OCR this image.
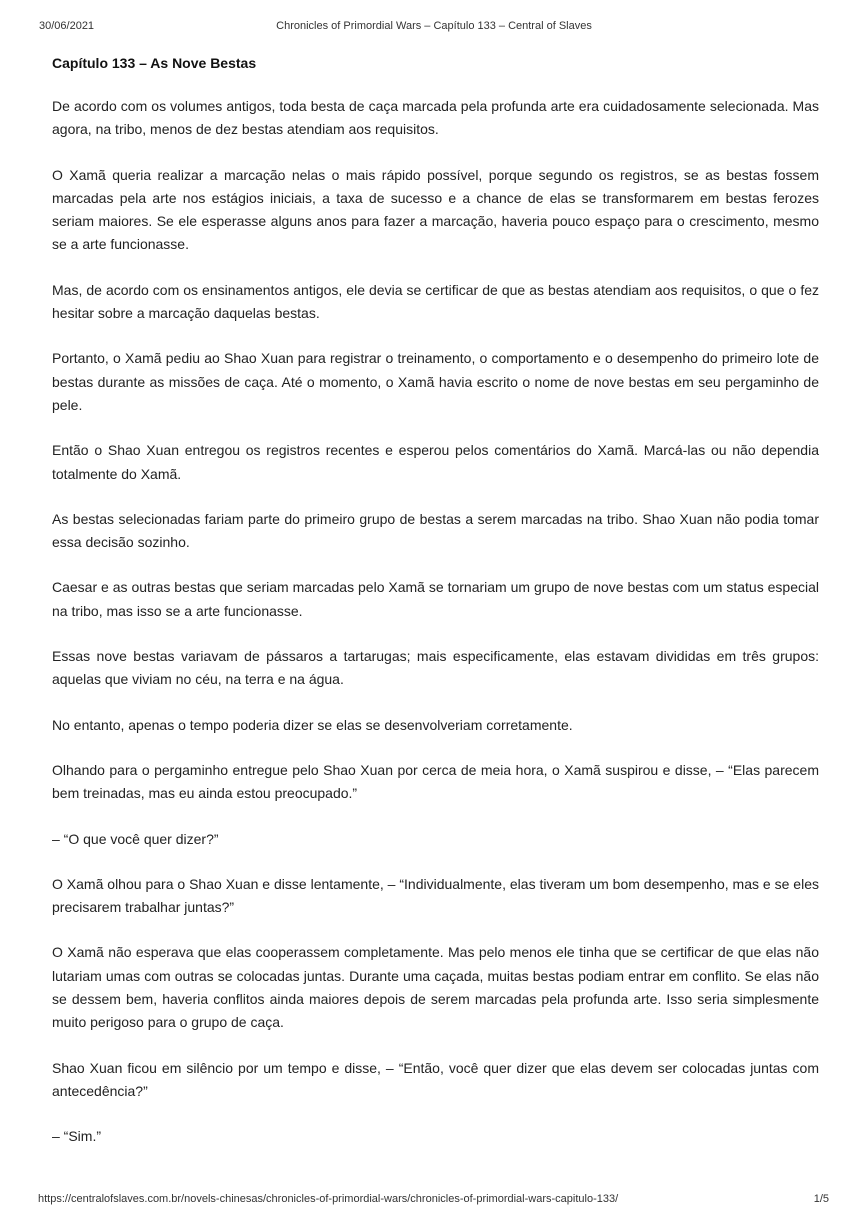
30/06/2021	Chronicles of Primordial Wars – Capítulo 133 – Central of Slaves
Capítulo 133 – As Nove Bestas

De acordo com os volumes antigos, toda besta de caça marcada pela profunda arte era cuidadosamente selecionada. Mas agora, na tribo, menos de dez bestas atendiam aos requisitos.

O Xamã queria realizar a marcação nelas o mais rápido possível, porque segundo os registros, se as bestas fossem marcadas pela arte nos estágios iniciais, a taxa de sucesso e a chance de elas se transformarem em bestas ferozes seriam maiores. Se ele esperasse alguns anos para fazer a marcação, haveria pouco espaço para o crescimento, mesmo se a arte funcionasse.

Mas, de acordo com os ensinamentos antigos, ele devia se certificar de que as bestas atendiam aos requisitos, o que o fez hesitar sobre a marcação daquelas bestas.

Portanto, o Xamã pediu ao Shao Xuan para registrar o treinamento, o comportamento e o desempenho do primeiro lote de bestas durante as missões de caça. Até o momento, o Xamã havia escrito o nome de nove bestas em seu pergaminho de pele.

Então o Shao Xuan entregou os registros recentes e esperou pelos comentários do Xamã. Marcá-las ou não dependia totalmente do Xamã.

As bestas selecionadas fariam parte do primeiro grupo de bestas a serem marcadas na tribo. Shao Xuan não podia tomar essa decisão sozinho.

Caesar e as outras bestas que seriam marcadas pelo Xamã se tornariam um grupo de nove bestas com um status especial na tribo, mas isso se a arte funcionasse.

Essas nove bestas variavam de pássaros a tartarugas; mais especificamente, elas estavam divididas em três grupos: aquelas que viviam no céu, na terra e na água.

No entanto, apenas o tempo poderia dizer se elas se desenvolveriam corretamente.

Olhando para o pergaminho entregue pelo Shao Xuan por cerca de meia hora, o Xamã suspirou e disse, – “Elas parecem bem treinadas, mas eu ainda estou preocupado.”

– “O que você quer dizer?”

O Xamã olhou para o Shao Xuan e disse lentamente, – “Individualmente, elas tiveram um bom desempenho, mas e se eles precisarem trabalhar juntas?”

O Xamã não esperava que elas cooperassem completamente. Mas pelo menos ele tinha que se certificar de que elas não lutariam umas com outras se colocadas juntas. Durante uma caçada, muitas bestas podiam entrar em conflito. Se elas não se dessem bem, haveria conflitos ainda maiores depois de serem marcadas pela profunda arte. Isso seria simplesmente muito perigoso para o grupo de caça.

Shao Xuan ficou em silêncio por um tempo e disse, – “Então, você quer dizer que elas devem ser colocadas juntas com antecedência?”

– “Sim.”

https://centralofslaves.com.br/novels-chinesas/chronicles-of-primordial-wars/chronicles-of-primordial-wars-capitulo-133/	1/5
